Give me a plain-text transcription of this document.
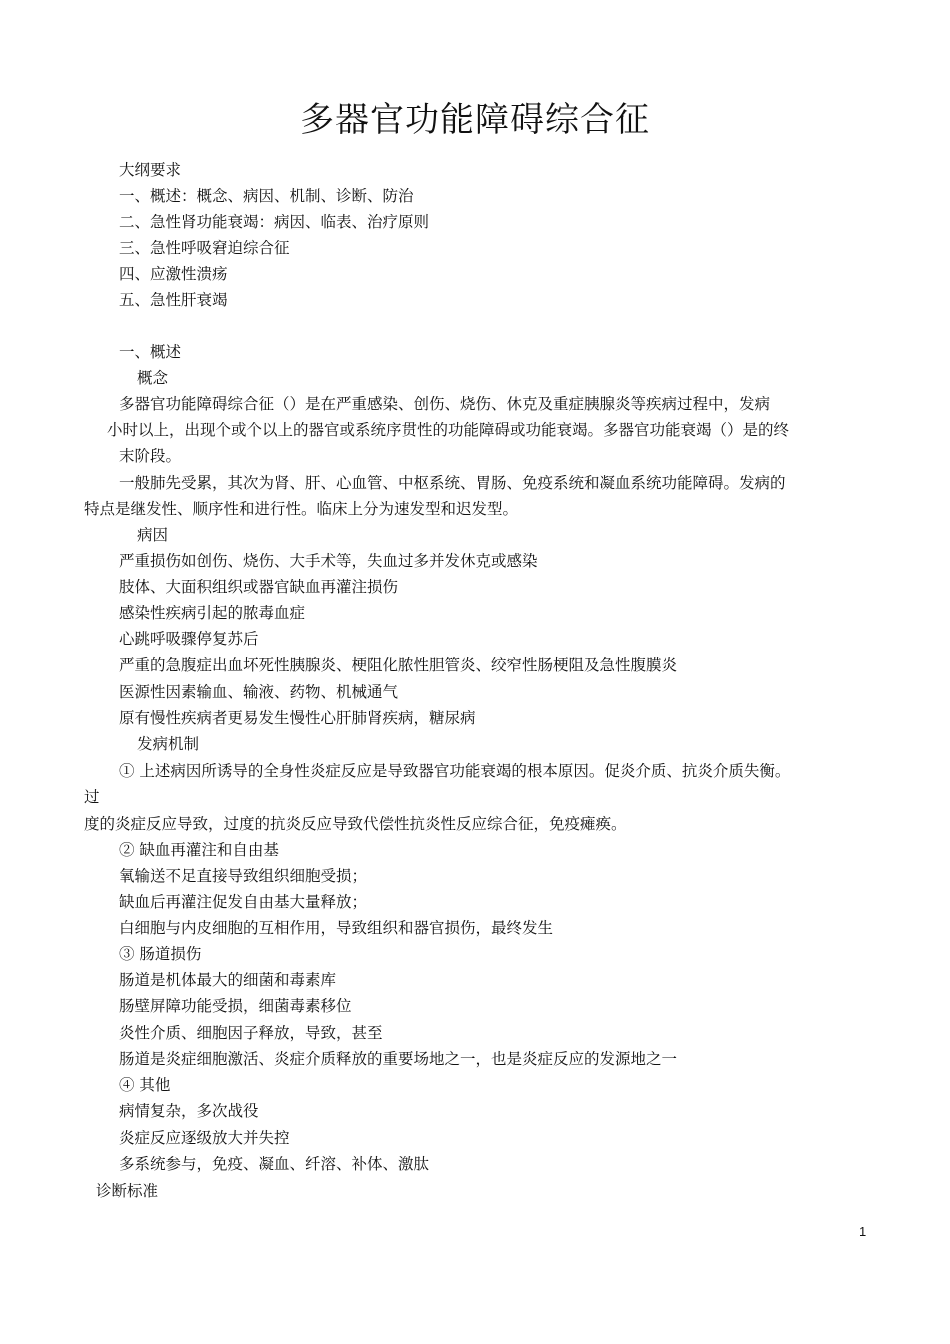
多器官功能障碍综合征
大纲要求
一、概述：概念、病因、机制、诊断、防治
二、急性肾功能衰竭：病因、临表、治疗原则
三、急性呼吸窘迫综合征
四、应激性溃疡
五、急性肝衰竭
一、概述
概念
多器官功能障碍综合征（）是在严重感染、创伤、烧伤、休克及重症胰腺炎等疾病过程中，发病
小时以上，出现个或个以上的器官或系统序贯性的功能障碍或功能衰竭。多器官功能衰竭（）是的终
末阶段。
一般肺先受累，其次为肾、肝、心血管、中枢系统、胃肠、免疫系统和凝血系统功能障碍。发病的
特点是继发性、顺序性和进行性。临床上分为速发型和迟发型。
病因
严重损伤如创伤、烧伤、大手术等，失血过多并发休克或感染
肢体、大面积组织或器官缺血再灌注损伤
感染性疾病引起的脓毒血症
心跳呼吸骤停复苏后
严重的急腹症出血坏死性胰腺炎、梗阻化脓性胆管炎、绞窄性肠梗阻及急性腹膜炎
医源性因素输血、输液、药物、机械通气
原有慢性疾病者更易发生慢性心肝肺肾疾病，糖尿病
发病机制
① 上述病因所诱导的全身性炎症反应是导致器官功能衰竭的根本原因。促炎介质、抗炎介质失衡。
过
度的炎症反应导致，过度的抗炎反应导致代偿性抗炎性反应综合征，免疫瘫痪。
② 缺血再灌注和自由基
氧输送不足直接导致组织细胞受损；
缺血后再灌注促发自由基大量释放；
白细胞与内皮细胞的互相作用，导致组织和器官损伤，最终发生
③ 肠道损伤
肠道是机体最大的细菌和毒素库
肠壁屏障功能受损，细菌毒素移位
炎性介质、细胞因子释放，导致，甚至
肠道是炎症细胞激活、炎症介质释放的重要场地之一，也是炎症反应的发源地之一
④ 其他
病情复杂，多次战役
炎症反应逐级放大并失控
多系统参与，免疫、凝血、纤溶、补体、激肽
诊断标准
1
